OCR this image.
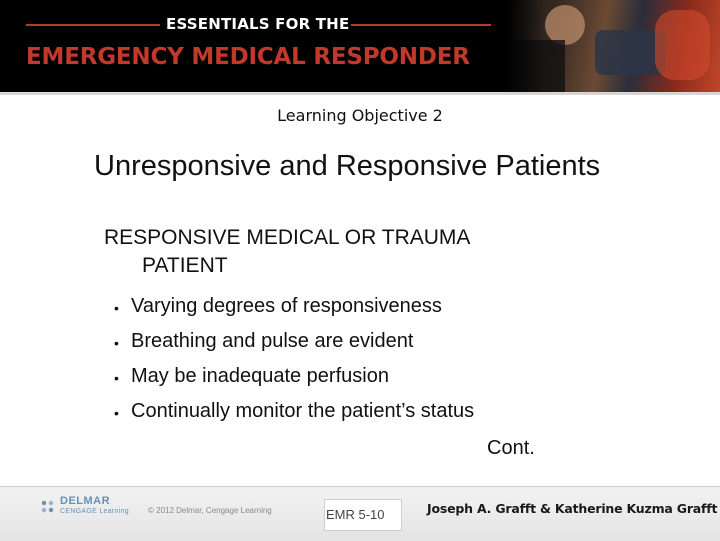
ESSENTIALS FOR THE
EMERGENCY MEDICAL RESPONDER
Learning Objective 2
Unresponsive and Responsive Patients
RESPONSIVE MEDICAL OR TRAUMA
PATIENT
• Varying degrees of responsiveness
• Breathing and pulse are evident
• May be inadequate perfusion
• Continually monitor the patient’s status
Cont.
DELMAR
CENGAGE Learning © 2012 Delmar, Cengage Learning	EMR 5-10	Joseph A. Grafft & Katherine Kuzma Grafft
